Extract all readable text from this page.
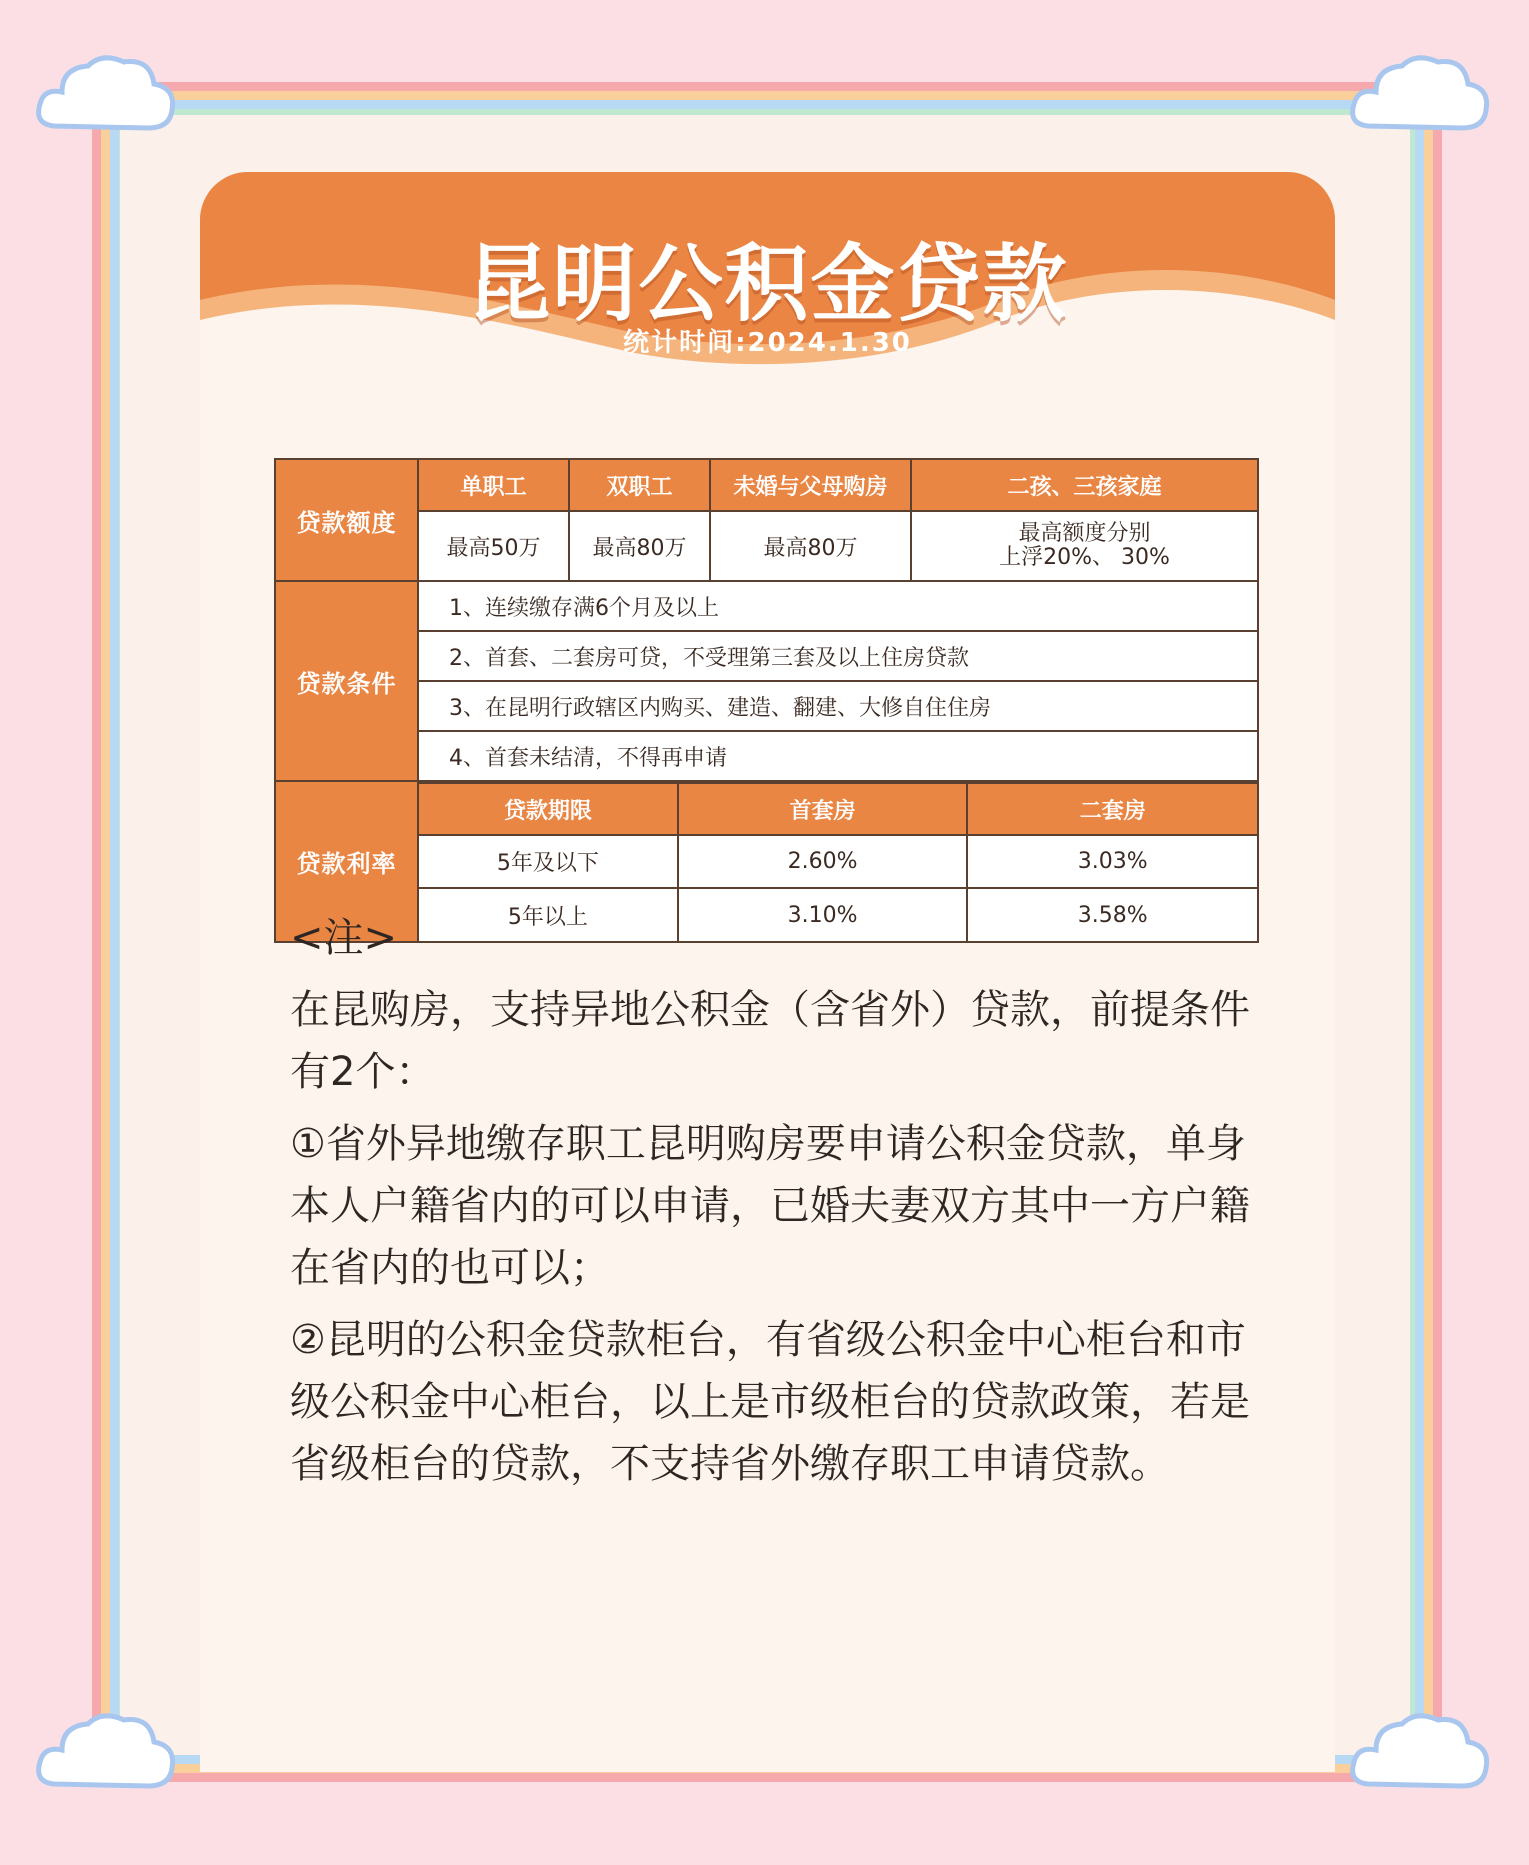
昆明公积金贷款
统计时间:2024.1.30
贷款额度	单职工	双职工	未婚与父母购房	二孩、三孩家庭
最高50万	最高80万	最高80万	最高额度分别
上浮20%、 30%
贷款条件	1、连续缴存满6个月及以上
2、首套、二套房可贷，不受理第三套及以上住房贷款
3、在昆明行政辖区内购买、建造、翻建、大修自住住房
4、首套未结清，不得再申请
贷款利率	
贷款期限	首套房	二套房
5年及以下	2.60%	3.03%
5年以上	3.10%	3.58%

<注>

在昆购房，支持异地公积金（含省外）贷款，前提条件有2个：

①省外异地缴存职工昆明购房要申请公积金贷款，单身本人户籍省内的可以申请，已婚夫妻双方其中一方户籍在省内的也可以；

②昆明的公积金贷款柜台，有省级公积金中心柜台和市级公积金中心柜台，以上是市级柜台的贷款政策，若是省级柜台的贷款，不支持省外缴存职工申请贷款。
